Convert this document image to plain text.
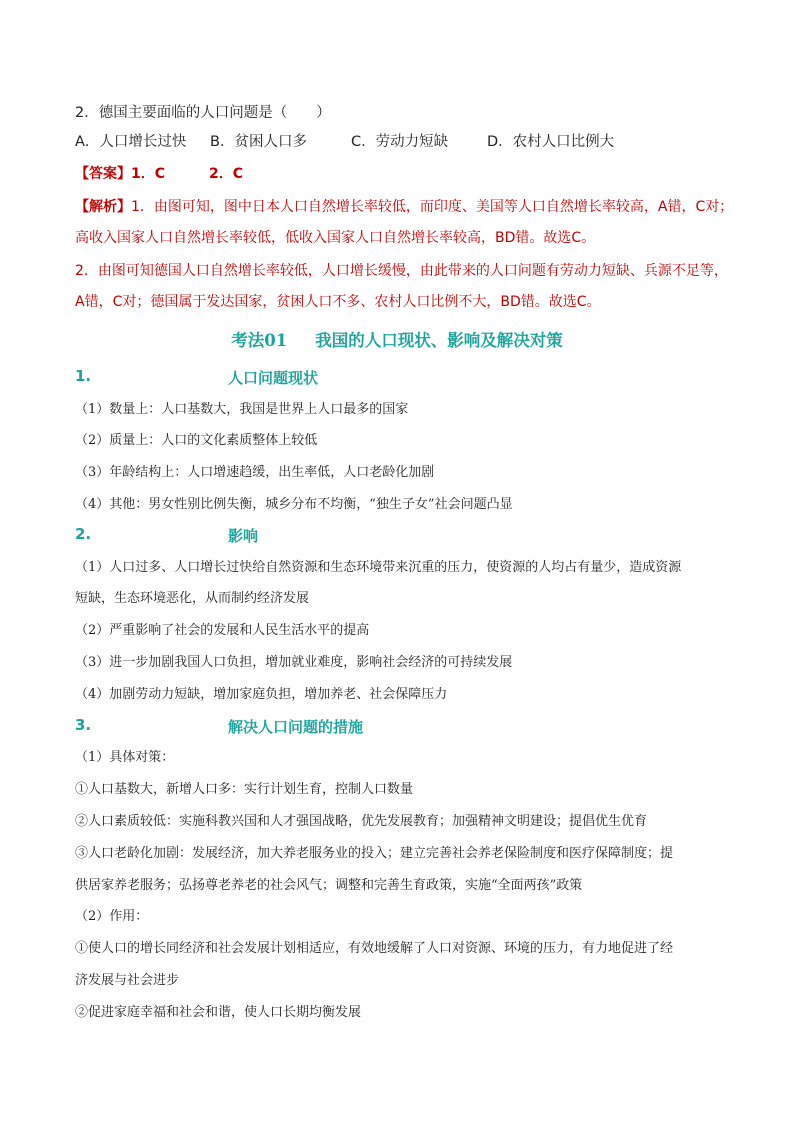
2．德国主要面临的人口问题是（　　）
A．人口增长过快 B．贫困人口多	C．劳动力短缺	D．农村人口比例大
【答案】1．C	2．C
【解析】1．由图可知，图中日本人口自然增长率较低，而印度、美国等人口自然增长率较高，A错，C对；
高收入国家人口自然增长率较低，低收入国家人口自然增长率较高，BD错。故选C。
2．由图可知德国人口自然增长率较低，人口增长缓慢，由此带来的人口问题有劳动力短缺、兵源不足等，
A错，C对；德国属于发达国家，贫困人口不多、农村人口比例不大，BD错。故选C。
考法01 我国的人口现状、影响及解决对策
1.	人口问题现状
（1）数量上：人口基数大，我国是世界上人口最多的国家
（2）质量上：人口的文化素质整体上较低
（3）年龄结构上：人口增速趋缓，出生率低，人口老龄化加剧
（4）其他：男女性别比例失衡，城乡分布不均衡，“独生子女”社会问题凸显
2.	影响
（1）人口过多、人口增长过快给自然资源和生态环境带来沉重的压力，使资源的人均占有量少，造成资源
短缺，生态环境恶化，从而制约经济发展
（2）严重影响了社会的发展和人民生活水平的提高
（3）进一步加剧我国人口负担，增加就业难度，影响社会经济的可持续发展
（4）加剧劳动力短缺，增加家庭负担，增加养老、社会保障压力
3.	解决人口问题的措施
（1）具体对策：
①人口基数大，新增人口多：实行计划生育，控制人口数量
②人口素质较低：实施科教兴国和人才强国战略，优先发展教育；加强精神文明建设；提倡优生优育
③人口老龄化加剧：发展经济，加大养老服务业的投入；建立完善社会养老保险制度和医疗保障制度；提
供居家养老服务；弘扬尊老养老的社会风气；调整和完善生育政策，实施“全面两孩”政策
（2）作用：
①使人口的增长同经济和社会发展计划相适应，有效地缓解了人口对资源、环境的压力，有力地促进了经
济发展与社会进步
②促进家庭幸福和社会和谐，使人口长期均衡发展
